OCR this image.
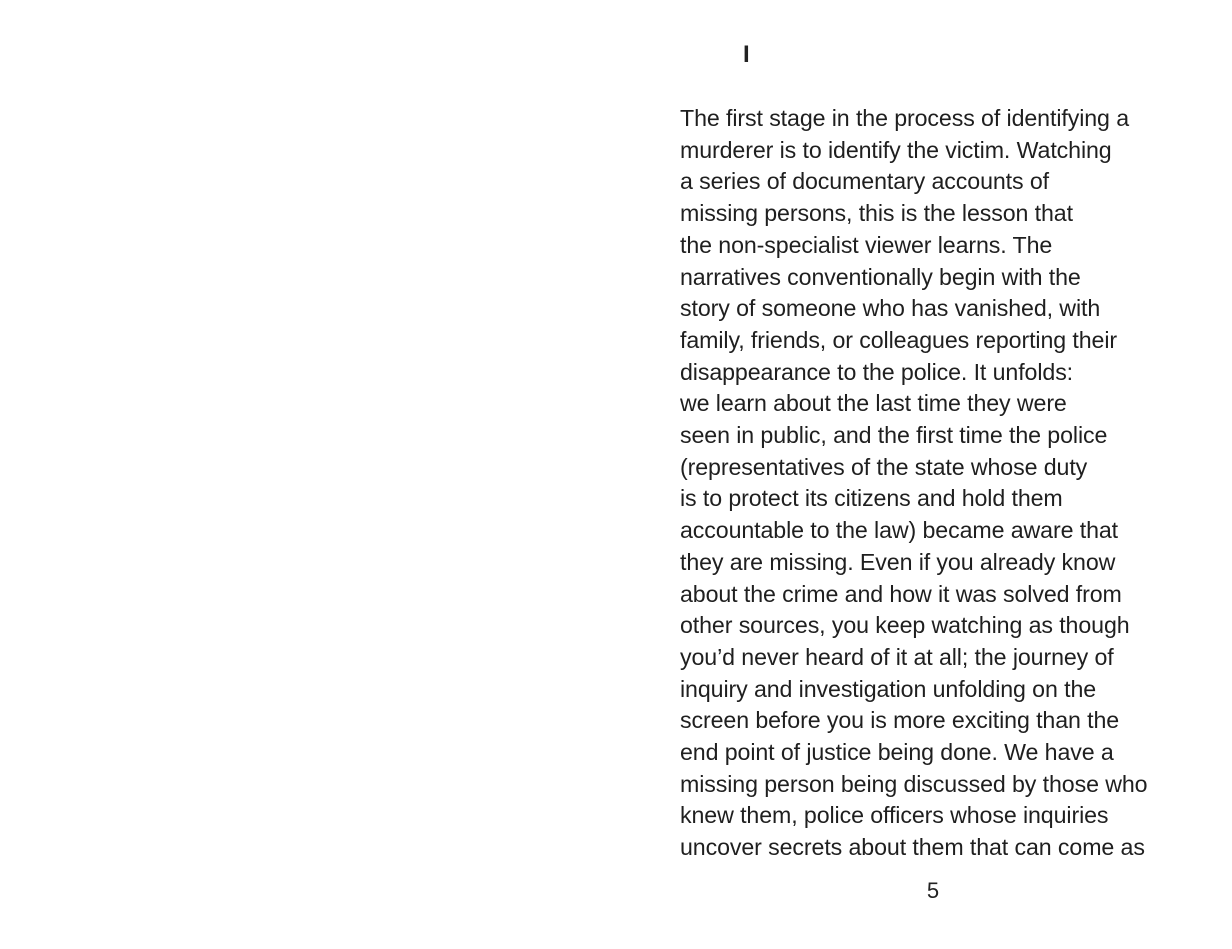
I
The first stage in the process of identifying a
murderer is to identify the victim. Watching
a series of documentary accounts of
missing persons, this is the lesson that
the non-specialist viewer learns. The
narratives conventionally begin with the
story of someone who has vanished, with
family, friends, or colleagues reporting their
disappearance to the police. It unfolds:
we learn about the last time they were
seen in public, and the first time the police
(representatives of the state whose duty
is to protect its citizens and hold them
accountable to the law) became aware that
they are missing. Even if you already know
about the crime and how it was solved from
other sources, you keep watching as though
you’d never heard of it at all; the journey of
inquiry and investigation unfolding on the
screen before you is more exciting than the
end point of justice being done. We have a
missing person being discussed by those who
knew them, police officers whose inquiries
uncover secrets about them that can come as
5
